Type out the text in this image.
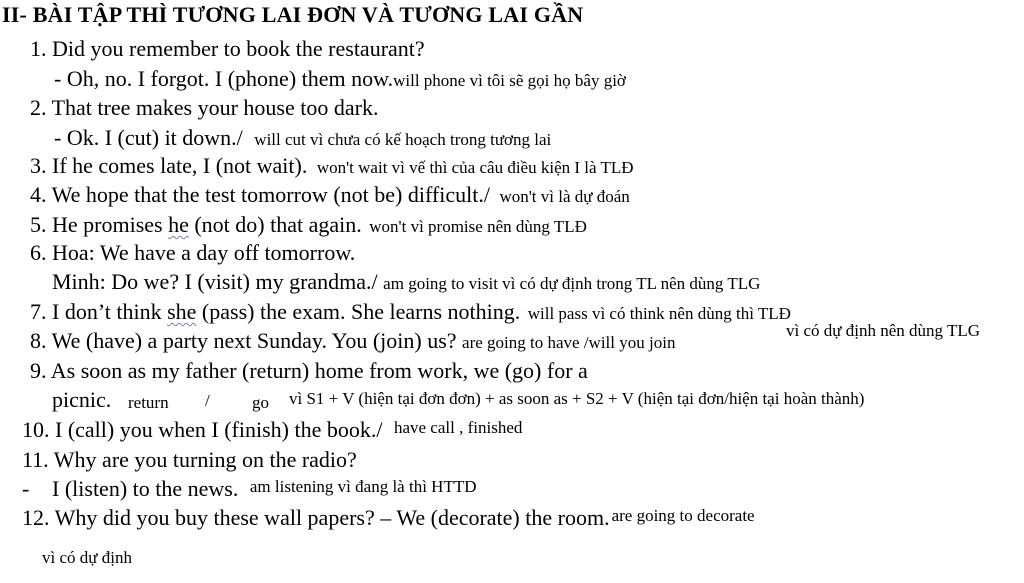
II- BÀI TẬP THÌ TƯƠNG LAI ĐƠN VÀ TƯƠNG LAI GẦN
1. Did you remember to book the restaurant?
- Oh, no. I forgot. I (phone) them now.will phone vì tôi sẽ gọi họ bây giờ
2. That tree makes your house too dark.
- Ok. I (cut) it down./ will cut vì chưa có kế hoạch trong tương lai
3. If he comes late, I (not wait). won't wait vì vế thì của câu điều kiện I là TLĐ
4. We hope that the test tomorrow (not be) difficult./ won't vì là dự đoán
5. He promises he (not do) that again. won't vì promise nên dùng TLĐ
6. Hoa: We have a day off tomorrow.
Minh: Do we? I (visit) my grandma./ am going to visit vì có dự định trong TL nên dùng TLG
7. I don’t think she (pass) the exam. She learns nothing. will pass vì có think nên dùng thì TLĐ
8. We (have) a party next Sunday. You (join) us? are going to have /will you join
vì có dự định nên dùng TLG
9. As soon as my father (return) home from work, we (go) for a
picnic. return / go vì S1 + V (hiện tại đơn đơn) + as soon as + S2 + V (hiện tại đơn/hiện tại hoàn thành)
10. I (call) you when I (finish) the book./ have call , finished
11. Why are you turning on the radio?
- I (listen) to the news. am listening vì đang là thì HTTD
12. Why did you buy these wall papers? – We (decorate) the room. are going to decorate
vì có dự định
